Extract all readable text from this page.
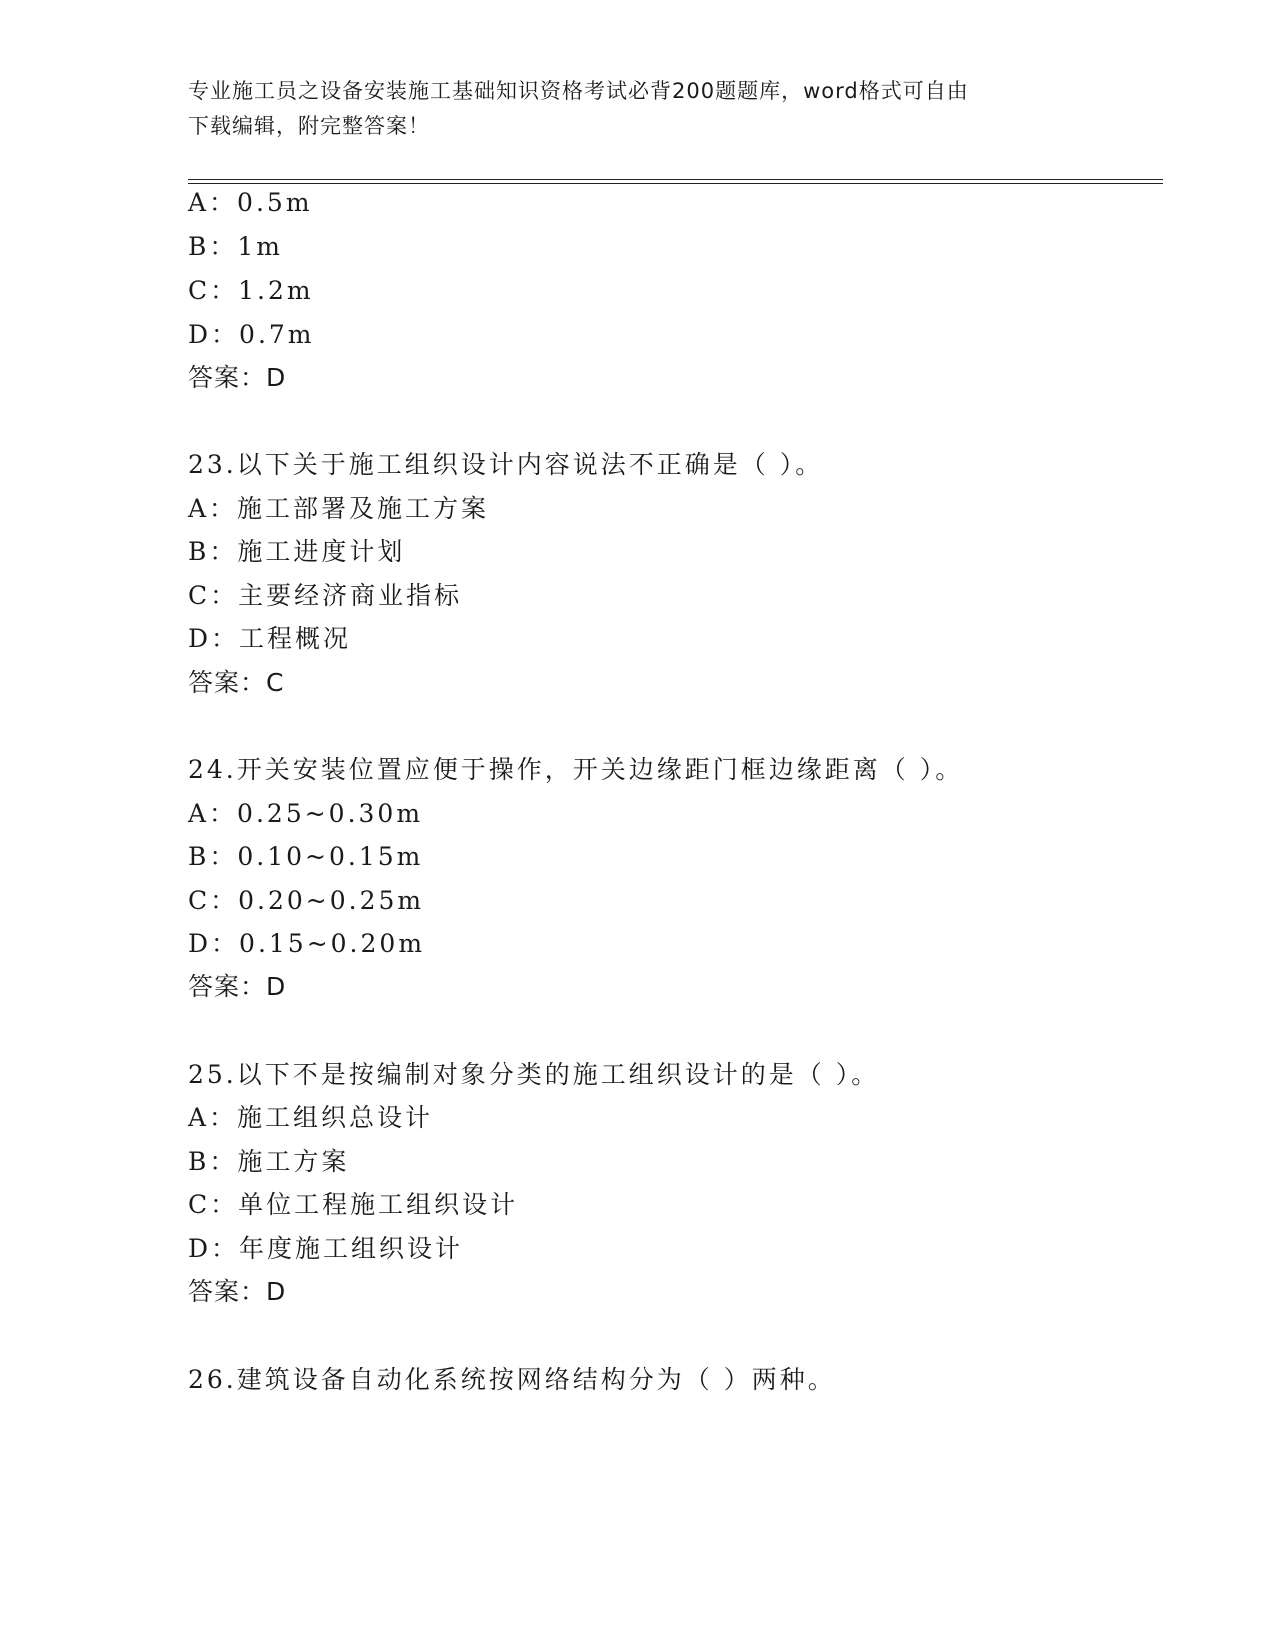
专业施工员之设备安装施工基础知识资格考试必背200题题库，word格式可自由
下载编辑，附完整答案！
A：0.5m
B：1m
C：1.2m
D：0.7m
答案：D
23.以下关于施工组织设计内容说法不正确是（ ）。
A：施工部署及施工方案
B：施工进度计划
C：主要经济商业指标
D：工程概况
答案：C
24.开关安装位置应便于操作，开关边缘距门框边缘距离（ ）。
A：0.25~0.30m
B：0.10~0.15m
C：0.20~0.25m
D：0.15~0.20m
答案：D
25.以下不是按编制对象分类的施工组织设计的是（ ）。
A：施工组织总设计
B：施工方案
C：单位工程施工组织设计
D：年度施工组织设计
答案：D
26.建筑设备自动化系统按网络结构分为（ ）两种。
